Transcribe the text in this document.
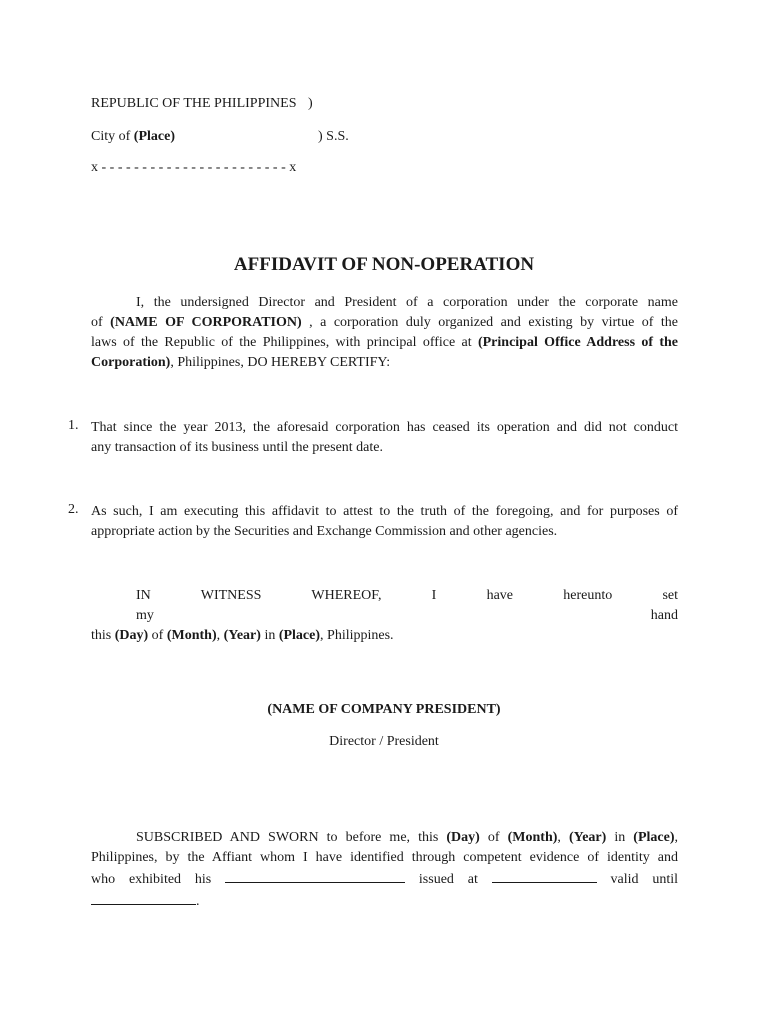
REPUBLIC OF THE PHILIPPINES )
City of (Place)	) S.S.
x - - - - - - - - - - - - - - - - - - - - - - - x
AFFIDAVIT OF NON-OPERATION
I, the undersigned Director and President of a corporation under the corporate name
of (NAME OF CORPORATION) , a corporation duly organized and existing by virtue of the
laws of the Republic of the Philippines, with principal office at (Principal Office Address of the
Corporation), Philippines, DO HEREBY CERTIFY:
1. That since the year 2013, the aforesaid corporation has ceased its operation and did not conduct
any transaction of its business until the present date.
2. As such, I am executing this affidavit to attest to the truth of the foregoing, and for purposes of
appropriate action by the Securities and Exchange Commission and other agencies.
IN WITNESS WHEREOF, I have hereunto set my hand
this (Day) of (Month), (Year) in (Place), Philippines.
(NAME OF COMPANY PRESIDENT)
Director / President
SUBSCRIBED AND SWORN to before me, this (Day) of (Month), (Year) in (Place),
Philippines, by the Affiant whom I have identified through competent evidence of identity and
who exhibited his	issued at	valid until
.
